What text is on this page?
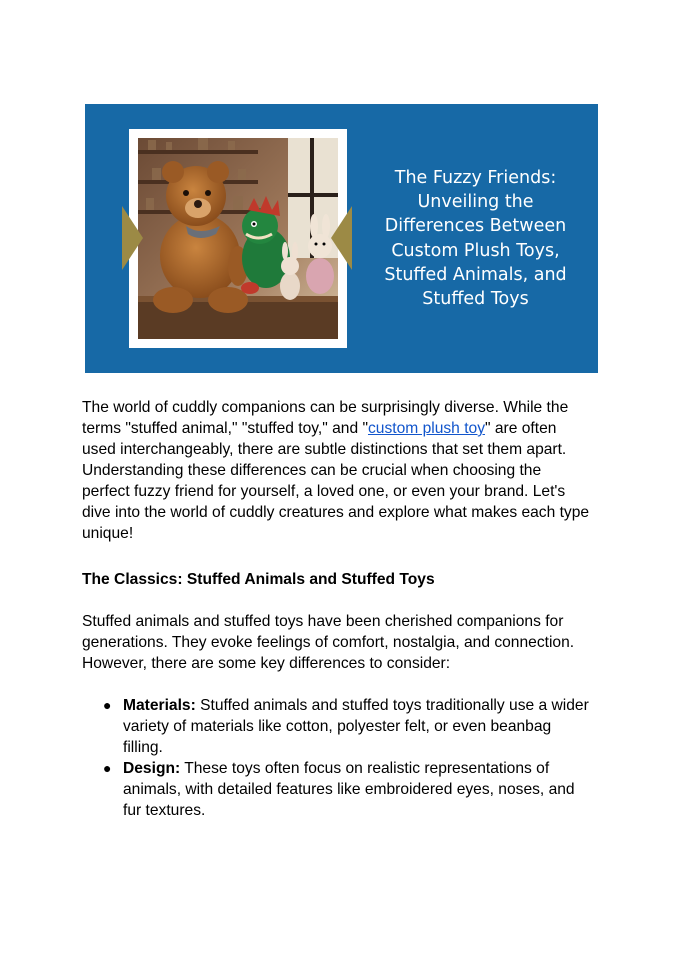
The Fuzzy Friends:
Unveiling the
Differences Between
Custom Plush Toys,
Stuffed Animals, and
Stuffed Toys

The world of cuddly companions can be surprisingly diverse. While the terms "stuffed animal," "stuffed toy," and "custom plush toy" are often used interchangeably, there are subtle distinctions that set them apart. Understanding these differences can be crucial when choosing the perfect fuzzy friend for yourself, a loved one, or even your brand. Let's dive into the world of cuddly creatures and explore what makes each type unique!

The Classics: Stuffed Animals and Stuffed Toys

Stuffed animals and stuffed toys have been cherished companions for generations. They evoke feelings of comfort, nostalgia, and connection. However, there are some key differences to consider:

● Materials: Stuffed animals and stuffed toys traditionally use a wider variety of materials like cotton, polyester felt, or even beanbag filling.
● Design: These toys often focus on realistic representations of animals, with detailed features like embroidered eyes, noses, and fur textures.
